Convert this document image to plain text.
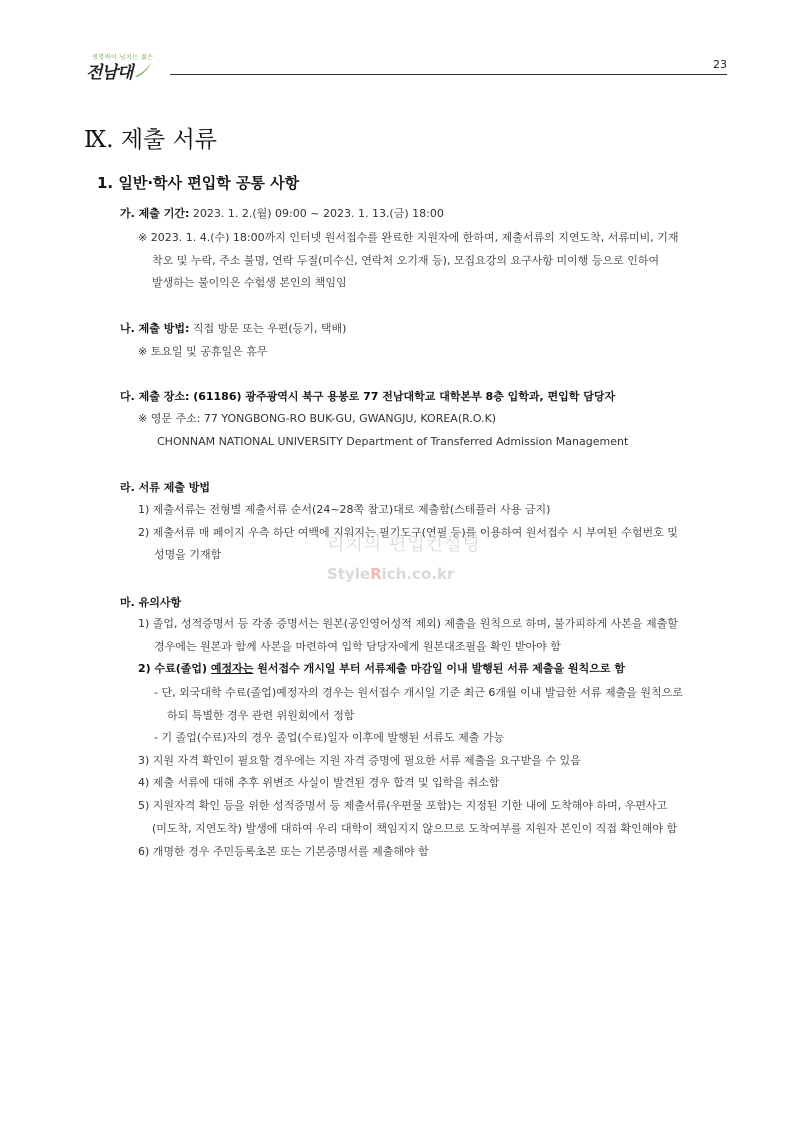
생명력이 넘치는 젊은
전남대	23
Ⅸ. 제출 서류
1. 일반·학사 편입학 공통 사항
가. 제출 기간: 2023. 1. 2.(월) 09:00 ~ 2023. 1. 13.(금) 18:00
※ 2023. 1. 4.(수) 18:00까지 인터넷 원서접수를 완료한 지원자에 한하며, 제출서류의 지연도착, 서류미비, 기재
착오 및 누락, 주소 불명, 연락 두절(미수신, 연락처 오기재 등), 모집요강의 요구사항 미이행 등으로 인하여
발생하는 불이익은 수험생 본인의 책임임
나. 제출 방법: 직접 방문 또는 우편(등기, 택배)
※ 토요일 및 공휴일은 휴무
다. 제출 장소: (61186) 광주광역시 북구 용봉로 77 전남대학교 대학본부 8층 입학과, 편입학 담당자
※ 영문 주소: 77 YONGBONG-RO BUK-GU, GWANGJU, KOREA(R.O.K)
CHONNAM NATIONAL UNIVERSITY Department of Transferred Admission Management
라. 서류 제출 방법
1) 제출서류는 전형별 제출서류 순서(24~28쪽 참고)대로 제출함(스테플러 사용 금지)
2) 제출서류 매 페이지 우측 하단 여백에 지워지는 필기도구(연필 등)를 이용하여 원서접수 시 부여된 수험번호 및
성명을 기재함	리치의 편입컨설팅
StyleRich.co.kr
마. 유의사항
1) 졸업, 성적증명서 등 각종 증명서는 원본(공인영어성적 제외) 제출을 원칙으로 하며, 불가피하게 사본을 제출할
경우에는 원본과 함께 사본을 마련하여 입학 담당자에게 원본대조필을 확인 받아야 함
2) 수료(졸업) 예정자는 원서접수 개시일 부터 서류제출 마감일 이내 발행된 서류 제출을 원칙으로 함
- 단, 외국대학 수료(졸업)예정자의 경우는 원서접수 개시일 기준 최근 6개월 이내 발급한 서류 제출을 원칙으로
하되 특별한 경우 관련 위원회에서 정함
- 기 졸업(수료)자의 경우 졸업(수료)일자 이후에 발행된 서류도 제출 가능
3) 지원 자격 확인이 필요할 경우에는 지원 자격 증명에 필요한 서류 제출을 요구받을 수 있음
4) 제출 서류에 대해 추후 위변조 사실이 발견된 경우 합격 및 입학을 취소함
5) 지원자격 확인 등을 위한 성적증명서 등 제출서류(우편물 포함)는 지정된 기한 내에 도착해야 하며, 우편사고
(미도착, 지연도착) 발생에 대하여 우리 대학이 책임지지 않으므로 도착여부를 지원자 본인이 직접 확인해야 함
6) 개명한 경우 주민등록초본 또는 기본증명서를 제출해야 함
